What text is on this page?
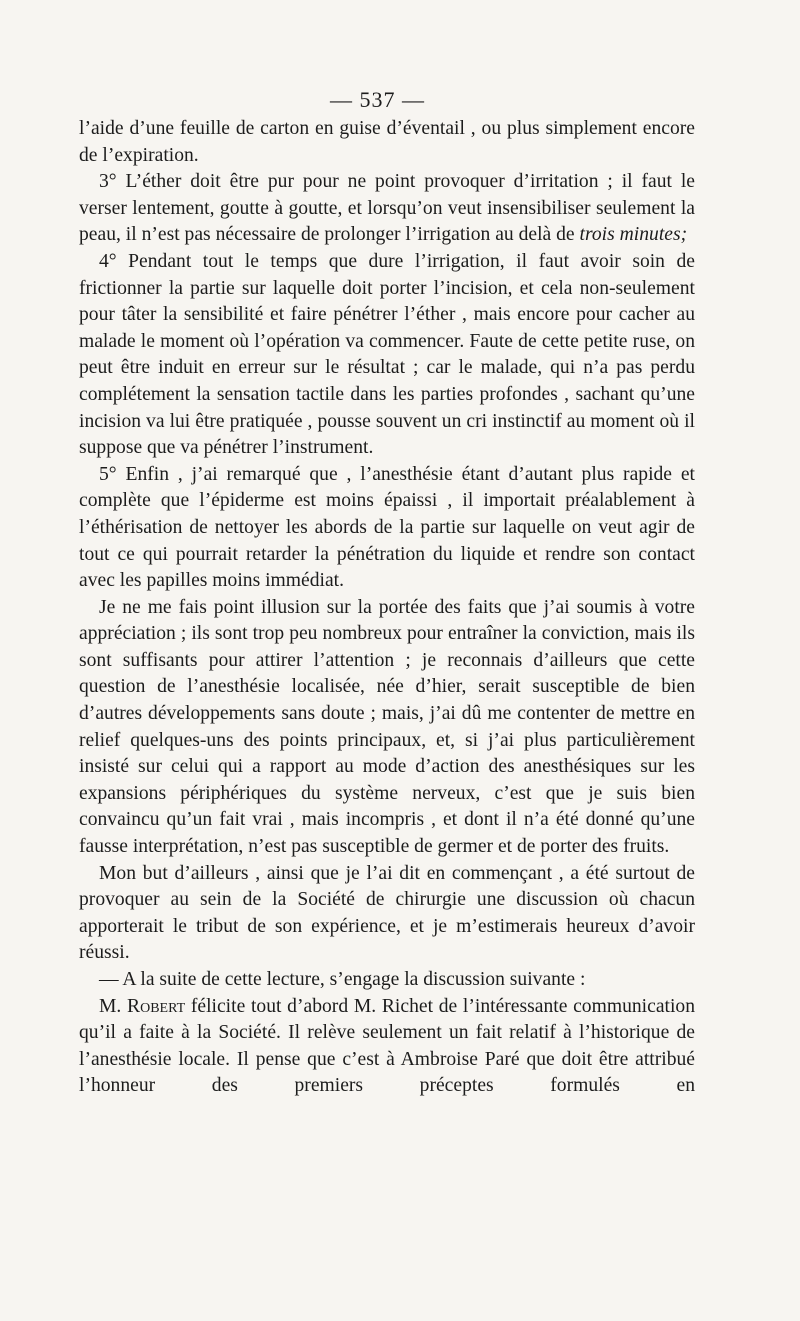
— 537 —

l’aide d’une feuille de carton en guise d’éventail , ou plus simplement encore de l’expiration.

3° L’éther doit être pur pour ne point provoquer d’irritation ; il faut le verser lentement, goutte à goutte, et lorsqu’on veut insensibiliser seulement la peau, il n’est pas nécessaire de prolonger l’irrigation au delà de trois minutes;

4° Pendant tout le temps que dure l’irrigation, il faut avoir soin de frictionner la partie sur laquelle doit porter l’incision, et cela non-seulement pour tâter la sensibilité et faire pénétrer l’éther , mais encore pour cacher au malade le moment où l’opération va commencer. Faute de cette petite ruse, on peut être induit en erreur sur le résultat ; car le malade, qui n’a pas perdu complétement la sensation tactile dans les parties profondes , sachant qu’une incision va lui être pratiquée , pousse souvent un cri instinctif au moment où il suppose que va pénétrer l’instrument.

5° Enfin , j’ai remarqué que , l’anesthésie étant d’autant plus rapide et complète que l’épiderme est moins épaissi , il importait préalablement à l’éthérisation de nettoyer les abords de la partie sur laquelle on veut agir de tout ce qui pourrait retarder la pénétration du liquide et rendre son contact avec les papilles moins immédiat.

Je ne me fais point illusion sur la portée des faits que j’ai soumis à votre appréciation ; ils sont trop peu nombreux pour entraîner la conviction, mais ils sont suffisants pour attirer l’attention ; je reconnais d’ailleurs que cette question de l’anesthésie localisée, née d’hier, serait susceptible de bien d’autres développements sans doute ; mais, j’ai dû me contenter de mettre en relief quelques-uns des points principaux, et, si j’ai plus particulièrement insisté sur celui qui a rapport au mode d’action des anesthésiques sur les expansions périphériques du système nerveux, c’est que je suis bien convaincu qu’un fait vrai , mais incompris , et dont il n’a été donné qu’une fausse interprétation, n’est pas susceptible de germer et de porter des fruits.

Mon but d’ailleurs , ainsi que je l’ai dit en commençant , a été surtout de provoquer au sein de la Société de chirurgie une discussion où chacun apporterait le tribut de son expérience, et je m’estimerais heureux d’avoir réussi.

— A la suite de cette lecture, s’engage la discussion suivante :

M. Robert félicite tout d’abord M. Richet de l’intéressante communication qu’il a faite à la Société. Il relève seulement un fait relatif à l’historique de l’anesthésie locale. Il pense que c’est à Ambroise Paré que doit être attribué l’honneur des premiers préceptes formulés en
